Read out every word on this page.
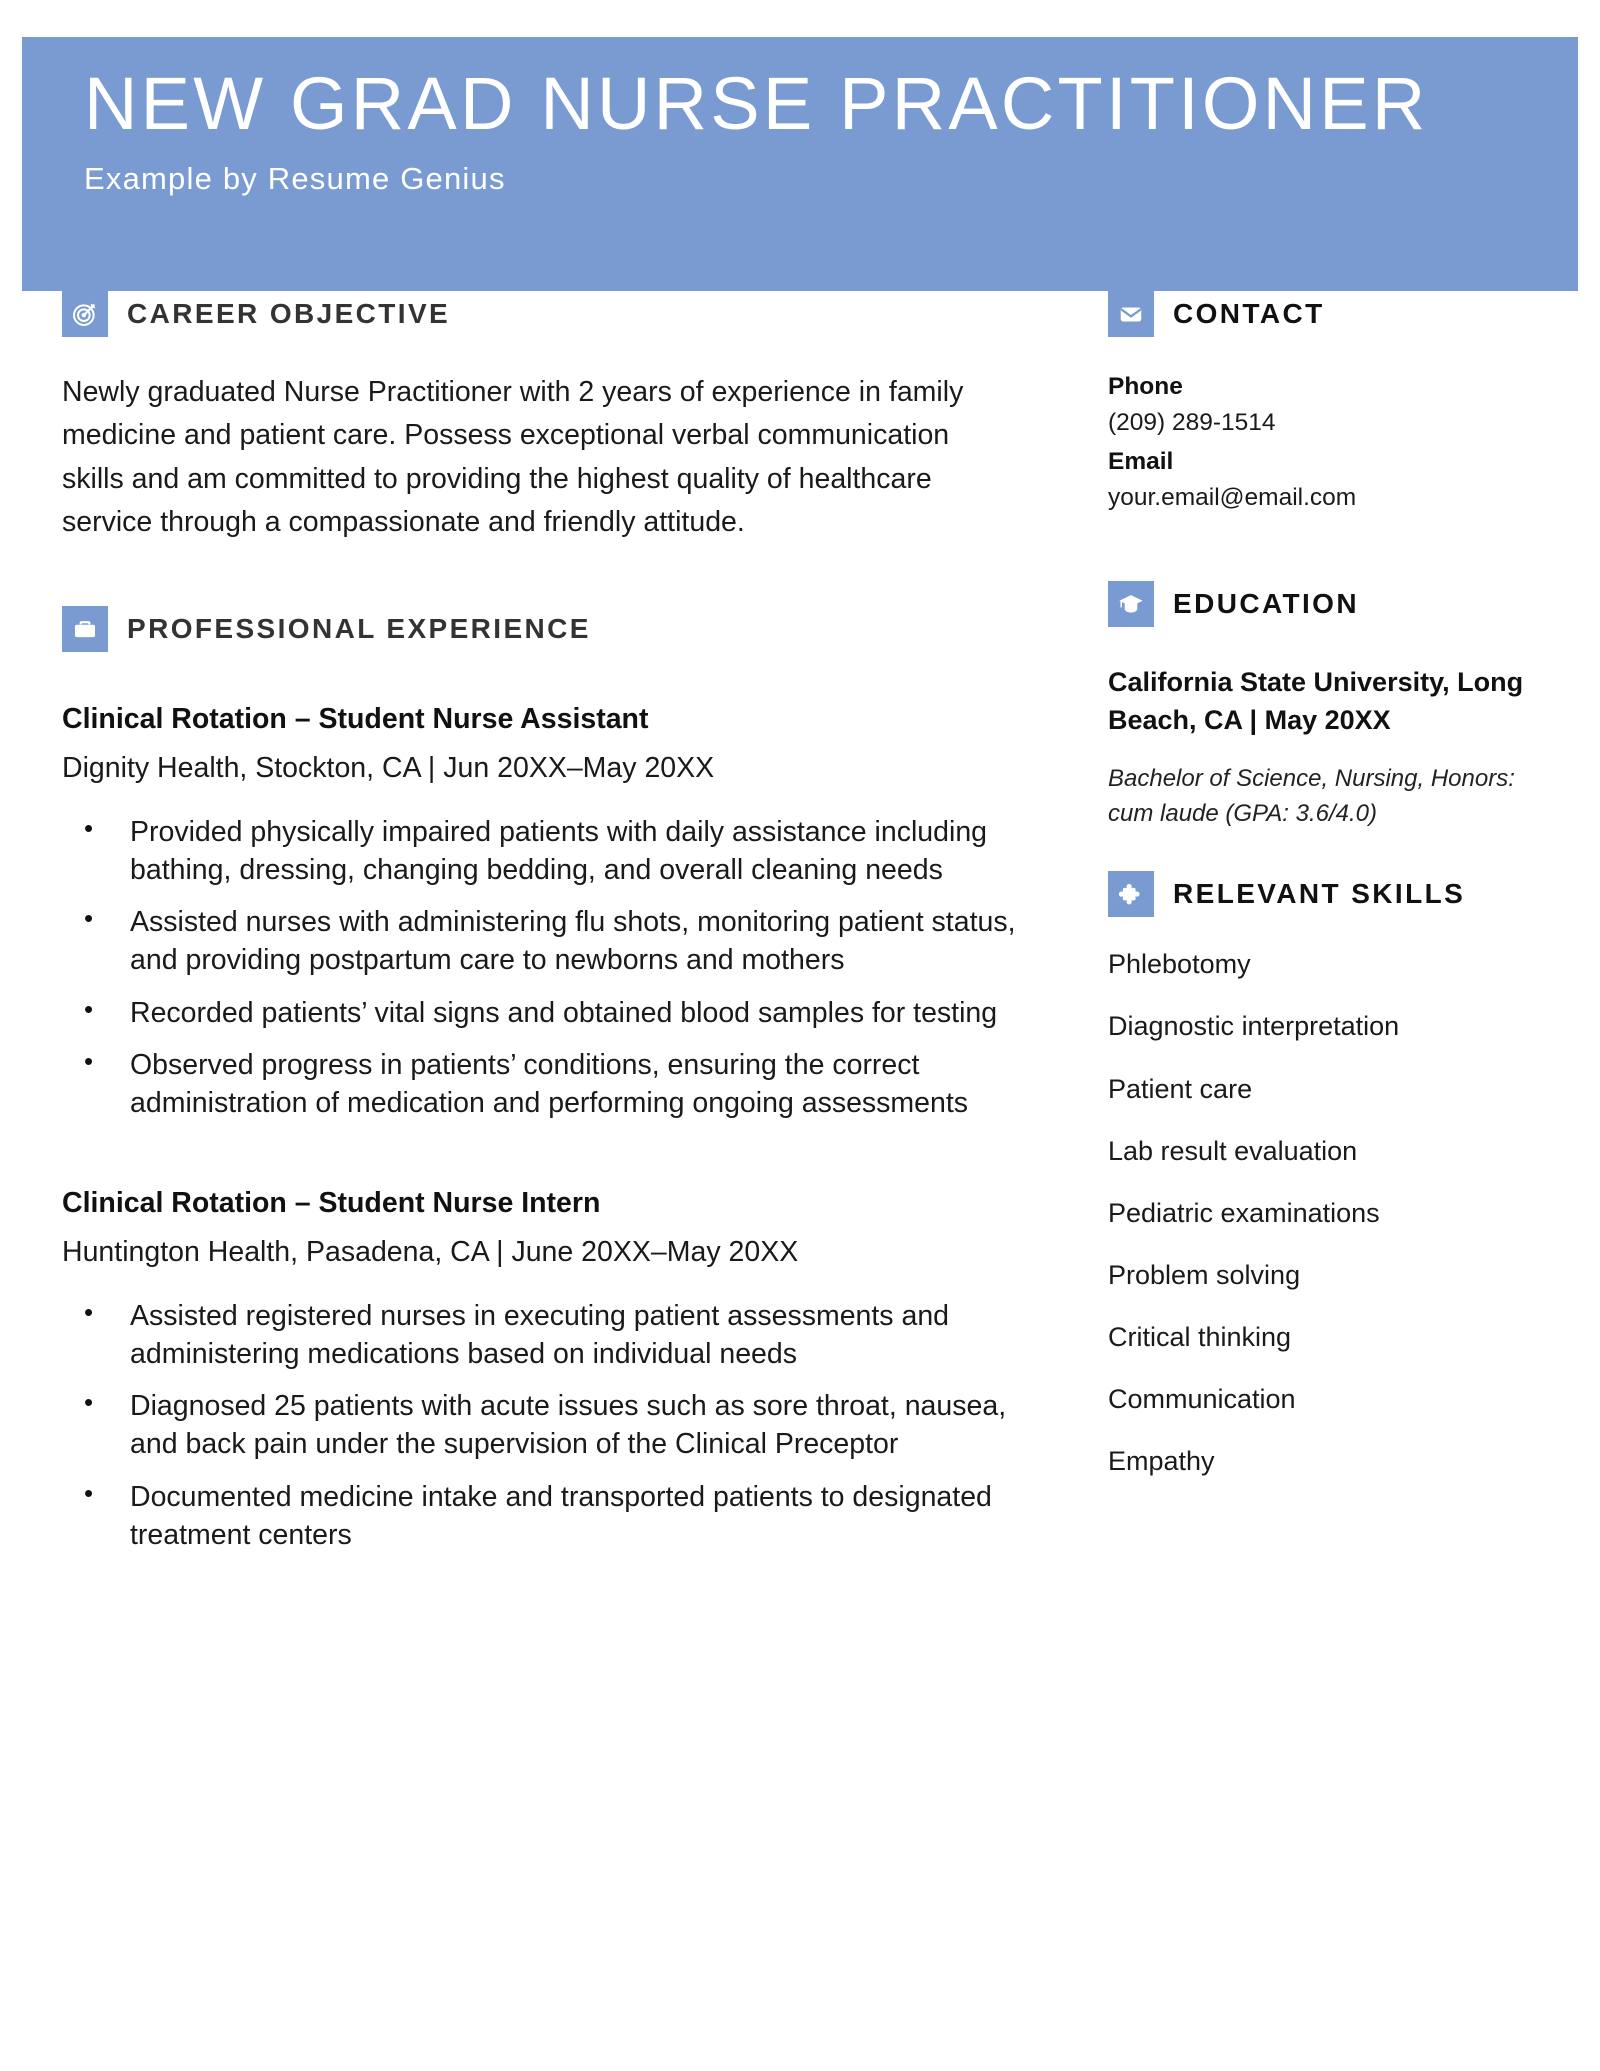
NEW GRAD NURSE PRACTITIONER
Example by Resume Genius
CAREER OBJECTIVE

Newly graduated Nurse Practitioner with 2 years of experience in family medicine and patient care. Possess exceptional verbal communication skills and am committed to providing the highest quality of healthcare service through a compassionate and friendly attitude.

PROFESSIONAL EXPERIENCE
Clinical Rotation – Student Nurse Assistant
Dignity Health, Stockton, CA | Jun 20XX–May 20XX
• Provided physically impaired patients with daily assistance including bathing, dressing, changing bedding, and overall cleaning needs
• Assisted nurses with administering flu shots, monitoring patient status, and providing postpartum care to newborns and mothers
• Recorded patients’ vital signs and obtained blood samples for testing
• Observed progress in patients’ conditions, ensuring the correct administration of medication and performing ongoing assessments
Clinical Rotation – Student Nurse Intern
Huntington Health, Pasadena, CA | June 20XX–May 20XX
• Assisted registered nurses in executing patient assessments and administering medications based on individual needs
• Diagnosed 25 patients with acute issues such as sore throat, nausea, and back pain under the supervision of the Clinical Preceptor
• Documented medicine intake and transported patients to designated treatment centers
CONTACT
Phone
(209) 289-1514
Email
your.email@email.com
EDUCATION
California State University, Long Beach, CA | May 20XX
Bachelor of Science, Nursing, Honors: cum laude (GPA: 3.6/4.0)
RELEVANT SKILLS
Phlebotomy
Diagnostic interpretation
Patient care
Lab result evaluation
Pediatric examinations
Problem solving
Critical thinking
Communication
Empathy
